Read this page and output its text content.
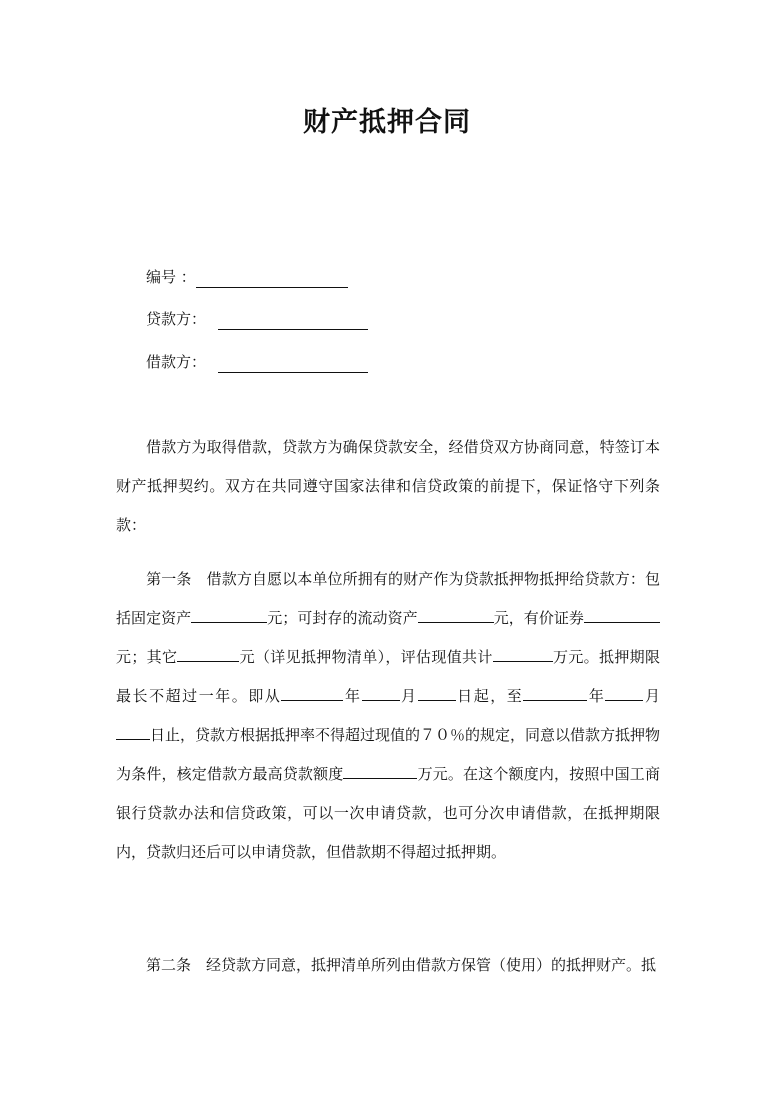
财产抵押合同
编号 ：
贷款方：
借款方：

借款方为取得借款，贷款方为确保贷款安全，经借贷双方协商同意，特签订本财产抵押契约。双方在共同遵守国家法律和信贷政策的前提下，保证恪守下列条款：

第一条　 借款方自愿以本单位所拥有的财产作为贷款抵押物抵押给贷款方：包括固定资产	元；可封存的流动资产	元，有价证券元；其它	元（详见抵押物清单），评估现值共计	万元。抵押期限最长不超过一年。即从	年	月	日起，至	年	月日止，贷款方根据抵押率不得超过现值的７０％的规定，同意以借款方抵押物为条件，核定借款方最高贷款额度	万元。在这个额度内，按照中国工商银行贷款办法和信贷政策，可以一次申请贷款，也可分次申请借款，在抵押期限内，贷款归还后可以申请贷款，但借款期不得超过抵押期。

第二条　 经贷款方同意，抵押清单所列由借款方保管（使用）的抵押财产。抵
